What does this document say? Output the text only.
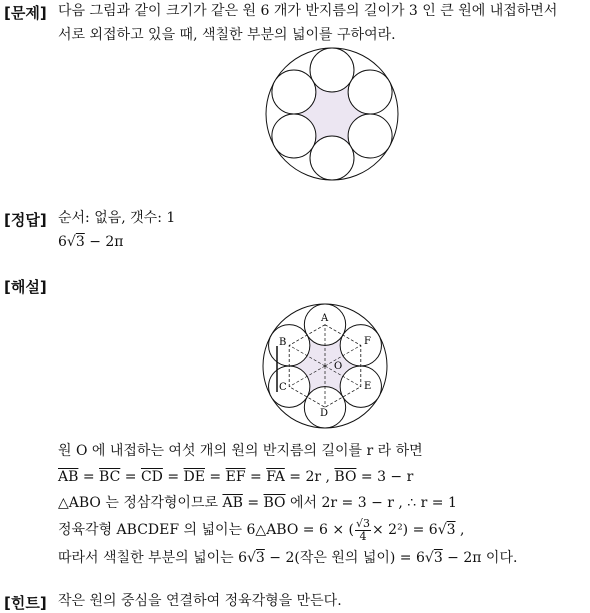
[문제] 다음 그림과 같이 크기가 같은 원 6 개가 반지름의 길이가 3 인 큰 원에 내접하면서
서로 외접하고 있을 때, 색칠한 부분의 넓이를 구하여라.
[정답] 순서: 없음, 갯수: 1
6√3 − 2π
[해설]
A
B
C
D
E
F
O
원 O 에 내접하는 여섯 개의 원의 반지름의 길이를 r 라 하면
$\overline{AB} = \overline{BC} = \overline{CD} = \overline{DE} = \overline{EF} = \overline{FA} = 2r$ , $\overline{BO} = 3 - r$
△ABO 는 정삼각형이므로 $\overline{AB} = \overline{BO}$ 에서 2r = 3 − r , ∴ r = 1
정육각형 ABCDEF 의 넓이는 6△ABO = 6 × ( $\frac{√3}{4} \times 2^2) = 6√3$ ,
따라서 색칠한 부분의 넓이는 6√3 − 2(작은 원의 넓이) = 6√3 − 2π 이다.
[힌트] 작은 원의 중심을 연결하여 정육각형을 만든다.
